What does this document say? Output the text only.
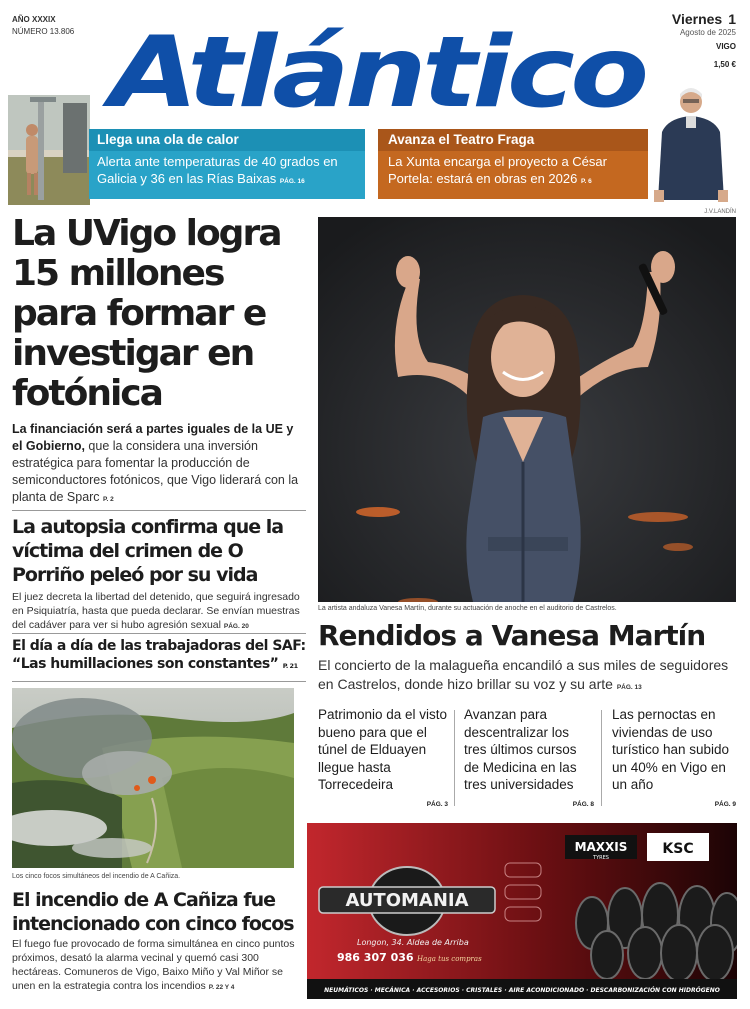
AÑO XXXIX
NÚMERO 13.806 Atlántico Viernes 1
Agosto de 2025
VIGO
1,50 €
Llega una ola de calor
Alerta ante temperaturas de 40 grados en Galicia y 36 en las Rías Baixas PÁG. 16
Avanza el Teatro Fraga
La Xunta encarga el proyecto a César Portela: estará en obras en 2026 P. 6
J.V.LANDÍN
La UVigo logra 15 millones para formar e investigar en fotónica
La financiación será a partes iguales de la UE y el Gobierno, que la considera una inversión estratégica para fomentar la producción de semiconductores fotónicos, que Vigo liderará con la planta de Sparc P. 2
La autopsia confirma que la víctima del crimen de O Porriño peleó por su vida
El juez decreta la libertad del detenido, que seguirá ingresado en Psiquiatría, hasta que pueda declarar. Se envían muestras del cadáver para ver si hubo agresión sexual PÁG. 20
El día a día de las trabajadoras del SAF: “Las humillaciones son constantes” P. 21
Los cinco focos simultáneos del incendio de A Cañiza.
El incendio de A Cañiza fue intencionado con cinco focos
El fuego fue provocado de forma simultánea en cinco puntos próximos, desató la alarma vecinal y quemó casi 300 hectáreas. Comuneros de Vigo, Baixo Miño y Val Miñor se unen en la estrategia contra los incendios P. 22 Y 4
La artista andaluza Vanesa Martín, durante su actuación de anoche en el auditorio de Castrelos.
Rendidos a Vanesa Martín
El concierto de la malagueña encandiló a sus miles de seguidores en Castrelos, donde hizo brillar su voz y su arte PÁG. 13
Patrimonio da el visto bueno para que el túnel de Elduayen llegue hasta Torrecedeira
PÁG. 3
Avanzan para descentralizar los tres últimos cursos de Medicina en las tres universidades
PÁG. 8
Las pernoctas en viviendas de uso turístico han subido un 40% en Vigo en un año
PÁG. 9
AUTOMANIA
Longon, 34. Aldea de Arriba
986 307 036 Haga tus compras
MAXXIS
TYRES
KSC
NEUMÁTICOS · MECÁNICA · ACCESORIOS · CRISTALES · AIRE ACONDICIONADO · DESCARBONIZACIÓN CON HIDRÓGENO
